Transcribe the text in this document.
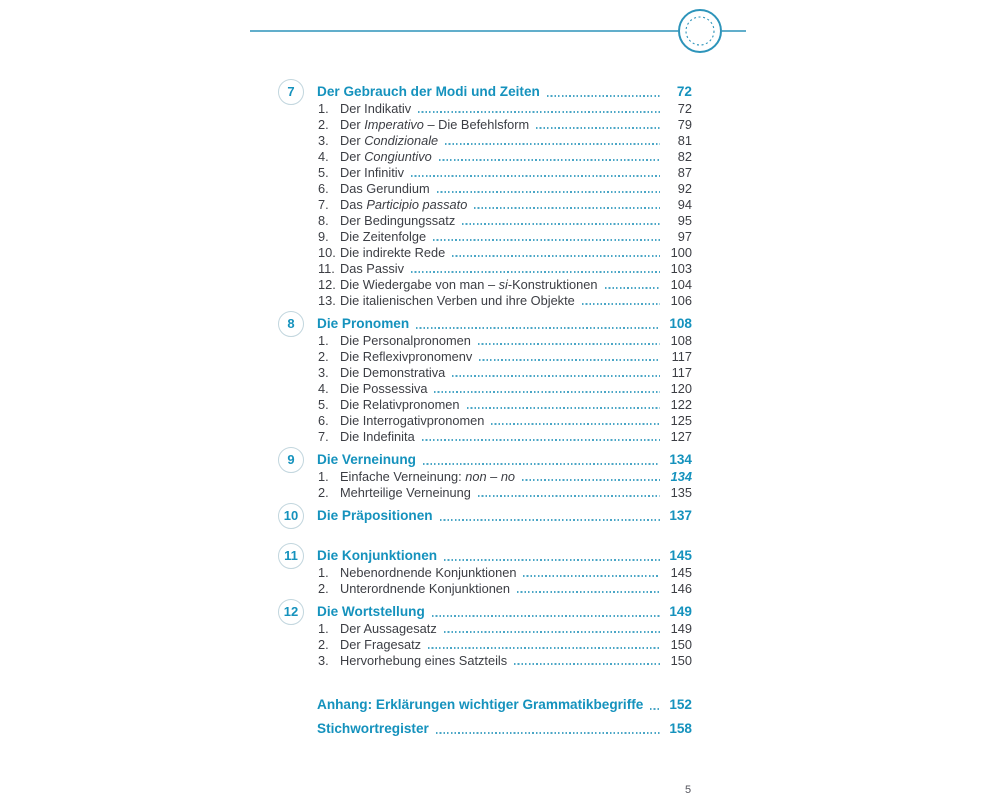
7	Der Gebrauch der Modi und Zeiten	72
1. Der Indikativ	72
2. Der Imperativo – Die Befehlsform	79
3. Der Condizionale	81
4. Der Congiuntivo	82
5. Der Infinitiv	87
6. Das Gerundium	92
7. Das Participio passato	94
8. Der Bedingungssatz	95
9. Die Zeitenfolge	97
10. Die indirekte Rede	100
11. Das Passiv	103
12. Die Wiedergabe von man – si-Konstruktionen	104
13. Die italienischen Verben und ihre Objekte	106
8	Die Pronomen	108
1. Die Personalpronomen	108
2. Die Reflexivpronomenv	117
3. Die Demonstrativa	117
4. Die Possessiva	120
5. Die Relativpronomen	122
6. Die Interrogativpronomen	125
7. Die Indefinita	127
9	Die Verneinung	134
1. Einfache Verneinung: non – no	134
2. Mehrteilige Verneinung	135
10	Die Präpositionen	137
11	Die Konjunktionen	145
1. Nebenordnende Konjunktionen	145
2. Unterordnende Konjunktionen	146
12	Die Wortstellung	149
1. Der Aussagesatz	149
2. Der Fragesatz	150
3. Hervorhebung eines Satzteils	150
Anhang: Erklärungen wichtiger Grammatikbegriffe 152
Stichwortregister	158
5
